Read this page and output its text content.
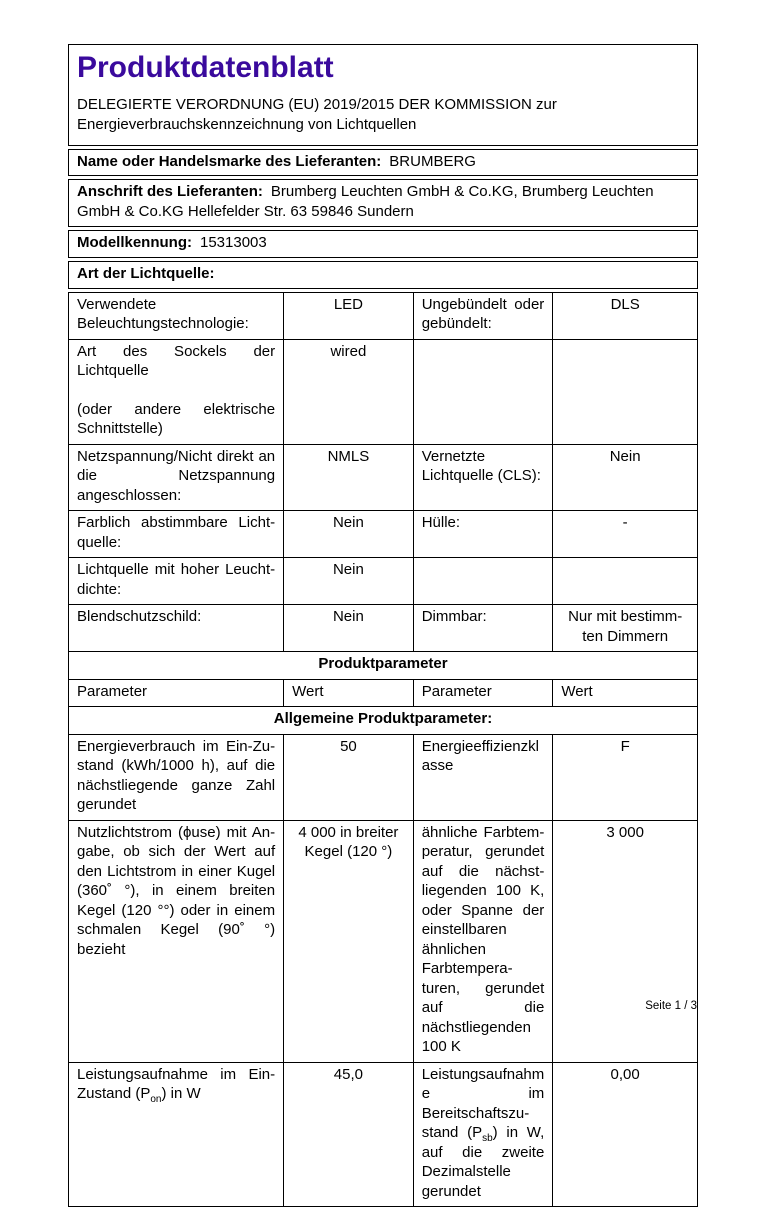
Produktdatenblatt
DELEGIERTE VERORDNUNG (EU) 2019/2015 DER KOMMISSION zur Energieverbrauchskennzeichnung von Lichtquellen
Name oder Handelsmarke des Lieferanten: BRUMBERG
Anschrift des Lieferanten: Brumberg Leuchten GmbH & Co.KG, Brumberg Leuchten GmbH & Co.KG Hellefelder Str. 63 59846 Sundern
Modellkennung: 15313003
Art der Lichtquelle:
Verwendete Beleuchtungstechnologie:	LED	Ungebündelt oder gebündelt:	DLS

Art des Sockels der Lichtquelle
(oder andere elektrische Schnittstelle)	wired		
Netzspannung/Nicht direkt an die Netzspannung angeschlossen:	NMLS	Vernetzte Lichtquelle (CLS):	Nein
Farblich abstimmbare Lichtquelle:	Nein	Hülle:	-
Lichtquelle mit hoher Leuchtdichte:	Nein		
Blendschutzschild:	Nein	Dimmbar:	Nur mit bestimmten Dimmern
Produktparameter			
Parameter	Wert	Parameter	Wert
Allgemeine Produktparameter:			
Energieverbrauch im Ein-Zustand (kWh/1000 h), auf die nächstliegende ganze Zahl gerundet	50	Energieeffizienzklasse	F
Nutzlichtstrom (ϕuse) mit Angabe, ob sich der Wert auf den Lichtstrom in einer Kugel (360˚ °), in einem breiten Kegel (120 °°) oder in einem schmalen Kegel (90˚ °) bezieht	4 000 in breiter Kegel (120 °)	ähnliche Farbtemperatur, gerundet auf die nächstliegenden 100 K, oder Spanne der einstellbaren ähnlichen Farbtemperaturen, gerundet auf die nächstliegenden 100 K	3 000
Leistungsaufnahme im Ein-Zustand $(P_{on})$ in W	45,0	Leistungsaufnahme im Bereitschaftszustand $(P_{sb})$ in W, auf die zweite Dezimalstelle gerundet	0,00
Seite 1 / 3
